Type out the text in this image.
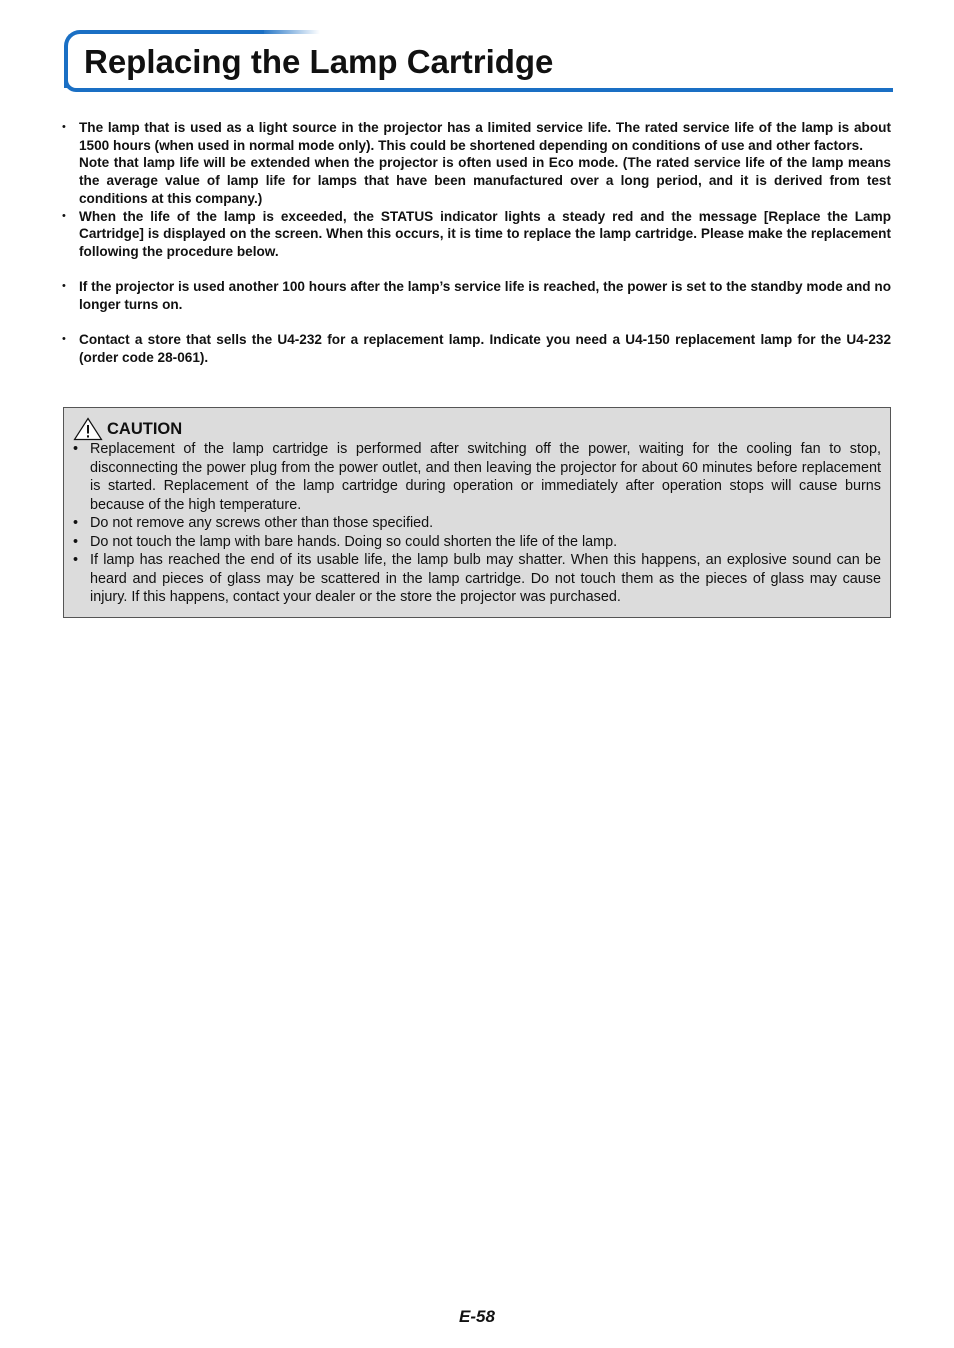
Replacing the Lamp Cartridge
• The lamp that is used as a light source in the projector has a limited service life. The rated service life of the lamp is about 1500 hours (when used in normal mode only). This could be shortened depending on conditions of use and other factors.

Note that lamp life will be extended when the projector is often used in Eco mode. (The rated service life of the lamp means the average value of lamp life for lamps that have been manufactured over a long period, and it is derived from test conditions at this company.)

• When the life of the lamp is exceeded, the STATUS indicator lights a steady red and the message [Replace the Lamp Cartridge] is displayed on the screen. When this occurs, it is time to replace the lamp cartridge. Please make the replacement following the procedure below.

• If the projector is used another 100 hours after the lamp’s service life is reached, the power is set to the standby mode and no longer turns on.

• Contact a store that sells the U4-232 for a replacement lamp. Indicate you need a U4-150 replacement lamp for the U4-232 (order code 28-061).

CAUTION
• Replacement of the lamp cartridge is performed after switching off the power, waiting for the cooling fan to stop, disconnecting the power plug from the power outlet, and then leaving the projector for about 60 minutes before replacement is started. Replacement of the lamp cartridge during operation or immediately after operation stops will cause burns because of the high temperature.
• Do not remove any screws other than those specified.
• Do not touch the lamp with bare hands. Doing so could shorten the life of the lamp.
• If lamp has reached the end of its usable life, the lamp bulb may shatter. When this happens, an explosive sound can be heard and pieces of glass may be scattered in the lamp cartridge. Do not touch them as the pieces of glass may cause injury. If this happens, contact your dealer or the store the projector was purchased.
E-58
